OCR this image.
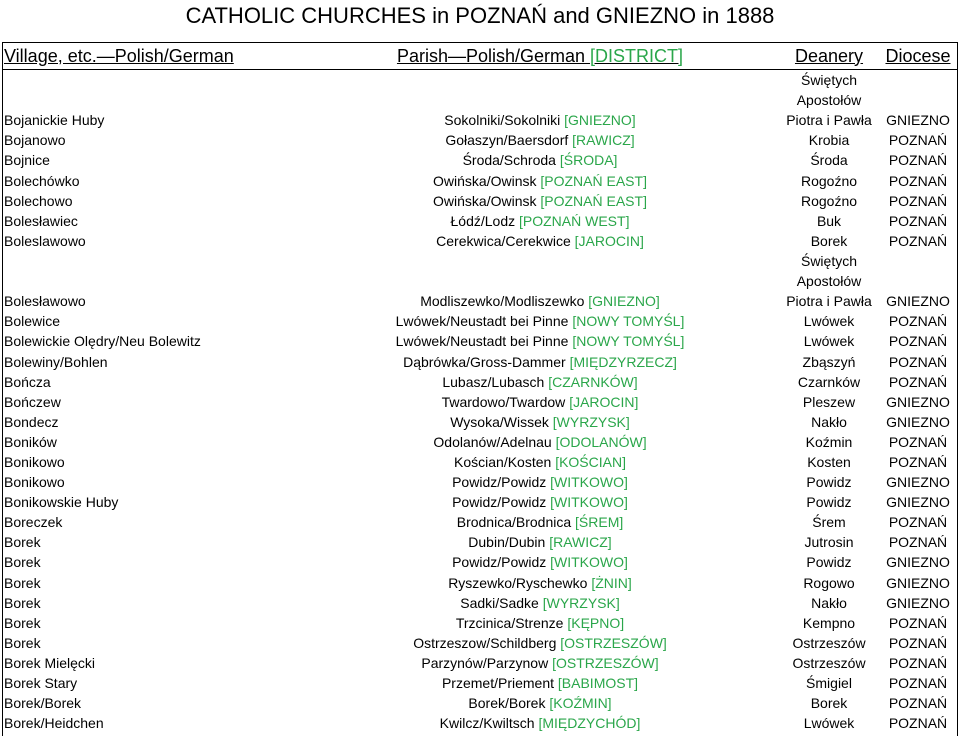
CATHOLIC CHURCHES in POZNAŃ and GNIEZNO in 1888
Village, etc.—Polish/German	Parish—Polish/German [DISTRICT]	Deanery	Diocese
Bojanickie Huby	Sokolniki/Sokolniki [GNIEZNO]	Świętych Apostołów Piotra i Pawła	GNIEZNO
Bojanowo	Gołaszyn/Baersdorf [RAWICZ]	Krobia	POZNAŃ
Bojnice	Środa/Schroda [ŚRODA]	Środa	POZNAŃ
Bolechówko	Owińska/Owinsk [POZNAŃ EAST]	Rogoźno	POZNAŃ
Bolechowo	Owińska/Owinsk [POZNAŃ EAST]	Rogoźno	POZNAŃ
Bolesławiec	Łódź/Lodz [POZNAŃ WEST]	Buk	POZNAŃ
Boleslawowo	Cerekwica/Cerekwice [JAROCIN]	Borek	POZNAŃ
Bolesławowo	Modliszewko/Modliszewko [GNIEZNO]	Świętych Apostołów Piotra i Pawła	GNIEZNO
Bolewice	Lwówek/Neustadt bei Pinne [NOWY TOMYŚL]	Lwówek	POZNAŃ
Bolewickie Olędry/Neu Bolewitz	Lwówek/Neustadt bei Pinne [NOWY TOMYŚL]	Lwówek	POZNAŃ
Bolewiny/Bohlen	Dąbrówka/Gross-Dammer [MIĘDZYRZECZ]	Zbąszyń	POZNAŃ
Bończa	Lubasz/Lubasch [CZARNKÓW]	Czarnków	POZNAŃ
Bończew	Twardowo/Twardow [JAROCIN]	Pleszew	GNIEZNO
Bondecz	Wysoka/Wissek [WYRZYSK]	Nakło	GNIEZNO
Boników	Odolanów/Adelnau [ODOLANÓW]	Koźmin	POZNAŃ
Bonikowo	Kościan/Kosten [KOŚCIAN]	Kosten	POZNAŃ
Bonikowo	Powidz/Powidz [WITKOWO]	Powidz	GNIEZNO
Bonikowskie Huby	Powidz/Powidz [WITKOWO]	Powidz	GNIEZNO
Boreczek	Brodnica/Brodnica [ŚREM]	Śrem	POZNAŃ
Borek	Dubin/Dubin [RAWICZ]	Jutrosin	POZNAŃ
Borek	Powidz/Powidz [WITKOWO]	Powidz	GNIEZNO
Borek	Ryszewko/Ryschewko [ŻNIN]	Rogowo	GNIEZNO
Borek	Sadki/Sadke [WYRZYSK]	Nakło	GNIEZNO
Borek	Trzcinica/Strenze [KĘPNO]	Kempno	POZNAŃ
Borek	Ostrzeszow/Schildberg [OSTRZESZÓW]	Ostrzeszów	POZNAŃ
Borek Mielęcki	Parzynów/Parzynow [OSTRZESZÓW]	Ostrzeszów	POZNAŃ
Borek Stary	Przemet/Priement [BABIMOST]	Śmigiel	POZNAŃ
Borek/Borek	Borek/Borek [KOŹMIN]	Borek	POZNAŃ
Borek/Heidchen	Kwilcz/Kwiltsch [MIĘDZYCHÓD]	Lwówek	POZNAŃ
